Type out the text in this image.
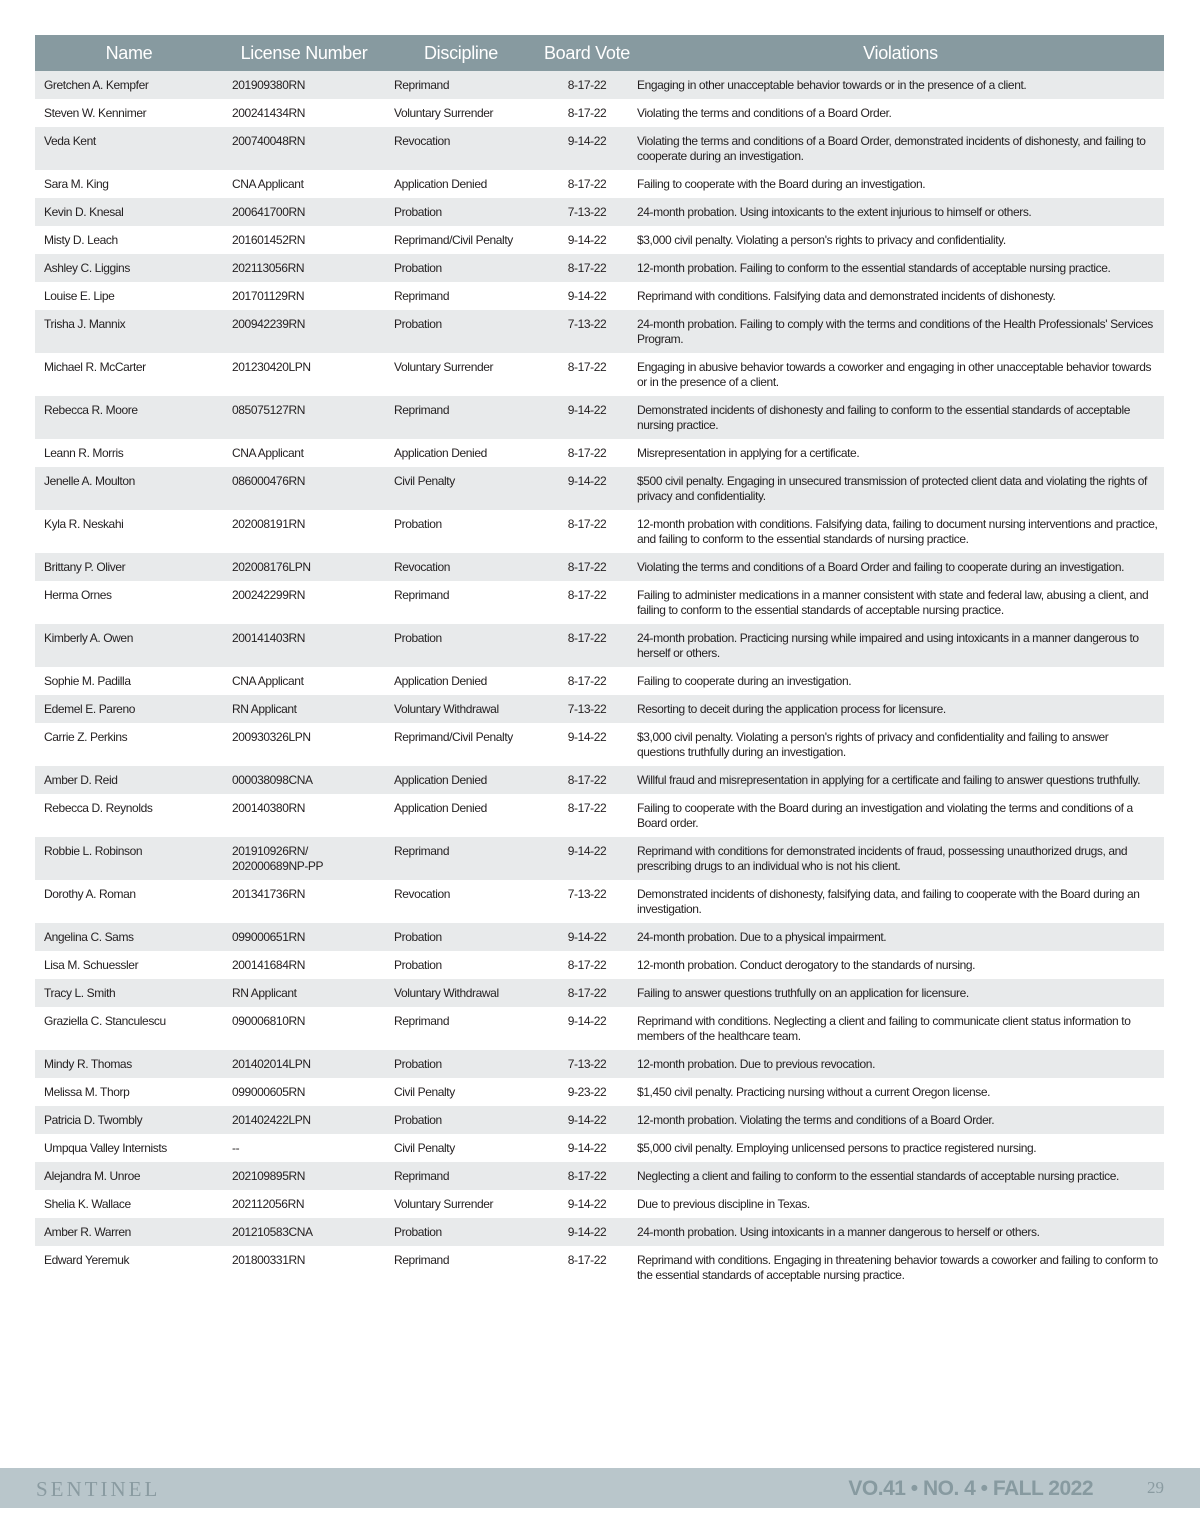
Name	License Number	Discipline	Board Vote	Violations
Gretchen A. Kempfer	201909380RN	Reprimand	8-17-22	Engaging in other unacceptable behavior towards or in the presence of a client.
Steven W. Kennimer	200241434RN	Voluntary Surrender	8-17-22	Violating the terms and conditions of a Board Order.
Veda Kent	200740048RN	Revocation	9-14-22	Violating the terms and conditions of a Board Order, demonstrated incidents of dishonesty, and failing to cooperate during an investigation.
Sara M. King	CNA Applicant	Application Denied	8-17-22	Failing to cooperate with the Board during an investigation.
Kevin D. Knesal	200641700RN	Probation	7-13-22	24-month probation. Using intoxicants to the extent injurious to himself or others.
Misty D. Leach	201601452RN	Reprimand/Civil Penalty	9-14-22	$3,000 civil penalty. Violating a person's rights to privacy and confidentiality.
Ashley C. Liggins	202113056RN	Probation	8-17-22	12-month probation. Failing to conform to the essential standards of acceptable nursing practice.
Louise E. Lipe	201701129RN	Reprimand	9-14-22	Reprimand with conditions. Falsifying data and demonstrated incidents of dishonesty.
Trisha J. Mannix	200942239RN	Probation	7-13-22	24-month probation. Failing to comply with the terms and conditions of the Health Professionals' Services Program.
Michael R. McCarter	201230420LPN	Voluntary Surrender	8-17-22	Engaging in abusive behavior towards a coworker and engaging in other unacceptable behavior towards or in the presence of a client.
Rebecca R. Moore	085075127RN	Reprimand	9-14-22	Demonstrated incidents of dishonesty and failing to conform to the essential standards of acceptable nursing practice.
Leann R. Morris	CNA Applicant	Application Denied	8-17-22	Misrepresentation in applying for a certificate.
Jenelle A. Moulton	086000476RN	Civil Penalty	9-14-22	$500 civil penalty. Engaging in unsecured transmission of protected client data and violating the rights of privacy and confidentiality.
Kyla R. Neskahi	202008191RN	Probation	8-17-22	12-month probation with conditions. Falsifying data, failing to document nursing interventions and practice, and failing to conform to the essential standards of nursing practice.
Brittany P. Oliver	202008176LPN	Revocation	8-17-22	Violating the terms and conditions of a Board Order and failing to cooperate during an investigation.
Herma Ornes	200242299RN	Reprimand	8-17-22	Failing to administer medications in a manner consistent with state and federal law, abusing a client, and failing to conform to the essential standards of acceptable nursing practice.
Kimberly A. Owen	200141403RN	Probation	8-17-22	24-month probation. Practicing nursing while impaired and using intoxicants in a manner dangerous to herself or others.
Sophie M. Padilla	CNA Applicant	Application Denied	8-17-22	Failing to cooperate during an investigation.
Edemel E. Pareno	RN Applicant	Voluntary Withdrawal	7-13-22	Resorting to deceit during the application process for licensure.
Carrie Z. Perkins	200930326LPN	Reprimand/Civil Penalty	9-14-22	$3,000 civil penalty. Violating a person's rights of privacy and confidentiality and failing to answer questions truthfully during an investigation.
Amber D. Reid	000038098CNA	Application Denied	8-17-22	Willful fraud and misrepresentation in applying for a certificate and failing to answer questions truthfully.
Rebecca D. Reynolds	200140380RN	Application Denied	8-17-22	Failing to cooperate with the Board during an investigation and violating the terms and conditions of a Board order.
Robbie L. Robinson	201910926RN/ 202000689NP-PP	Reprimand	9-14-22	Reprimand with conditions for demonstrated incidents of fraud, possessing unauthorized drugs, and prescribing drugs to an individual who is not his client.
Dorothy A. Roman	201341736RN	Revocation	7-13-22	Demonstrated incidents of dishonesty, falsifying data, and failing to cooperate with the Board during an investigation.
Angelina C. Sams	099000651RN	Probation	9-14-22	24-month probation. Due to a physical impairment.
Lisa M. Schuessler	200141684RN	Probation	8-17-22	12-month probation. Conduct derogatory to the standards of nursing.
Tracy L. Smith	RN Applicant	Voluntary Withdrawal	8-17-22	Failing to answer questions truthfully on an application for licensure.
Graziella C. Stanculescu	090006810RN	Reprimand	9-14-22	Reprimand with conditions. Neglecting a client and failing to communicate client status information to members of the healthcare team.
Mindy R. Thomas	201402014LPN	Probation	7-13-22	12-month probation. Due to previous revocation.
Melissa M. Thorp	099000605RN	Civil Penalty	9-23-22	$1,450 civil penalty. Practicing nursing without a current Oregon license.
Patricia D. Twombly	201402422LPN	Probation	9-14-22	12-month probation. Violating the terms and conditions of a Board Order.
Umpqua Valley Internists	--	Civil Penalty	9-14-22	$5,000 civil penalty. Employing unlicensed persons to practice registered nursing.
Alejandra M. Unroe	202109895RN	Reprimand	8-17-22	Neglecting a client and failing to conform to the essential standards of acceptable nursing practice.
Shelia K. Wallace	202112056RN	Voluntary Surrender	9-14-22	Due to previous discipline in Texas.
Amber R. Warren	201210583CNA	Probation	9-14-22	24-month probation. Using intoxicants in a manner dangerous to herself or others.
Edward Yeremuk	201800331RN	Reprimand	8-17-22	Reprimand with conditions. Engaging in threatening behavior towards a coworker and failing to conform to the essential standards of acceptable nursing practice.
SENTINEL	VO.41 • NO. 4 • FALL 2022	29
